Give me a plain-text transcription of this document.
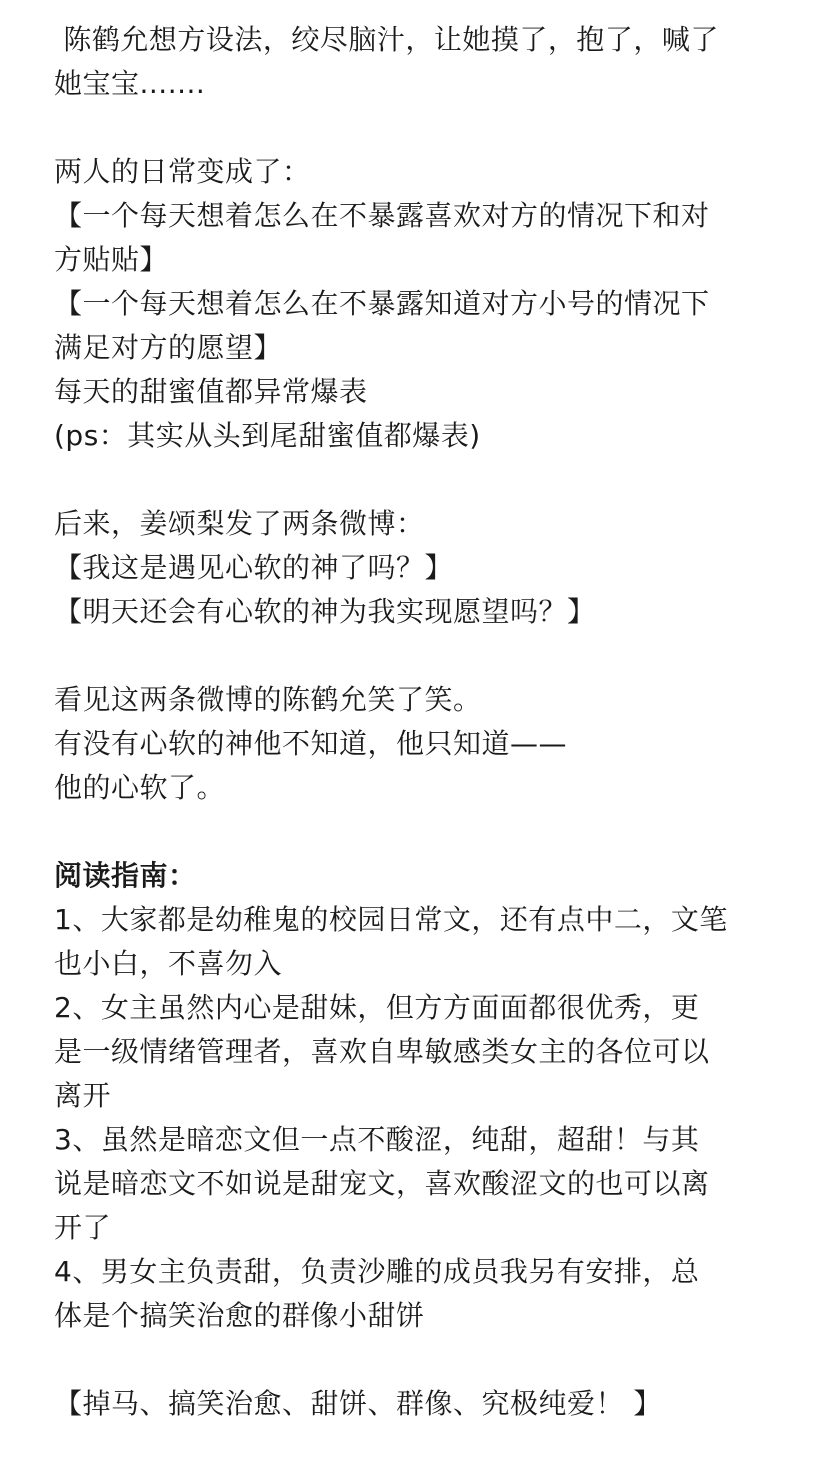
陈鹤允想方设法，绞尽脑汁，让她摸了，抱了，喊了
她宝宝.......
两人的日常变成了：
【一个每天想着怎么在不暴露喜欢对方的情况下和对
方贴贴】
【一个每天想着怎么在不暴露知道对方小号的情况下
满足对方的愿望】
每天的甜蜜值都异常爆表
(ps：其实从头到尾甜蜜值都爆表)
后来，姜颂梨发了两条微博：
【我这是遇见心软的神了吗？】
【明天还会有心软的神为我实现愿望吗？】
看见这两条微博的陈鹤允笑了笑。
有没有心软的神他不知道，他只知道——
他的心软了。
阅读指南：
1、大家都是幼稚鬼的校园日常文，还有点中二，文笔
也小白，不喜勿入
2、女主虽然内心是甜妹，但方方面面都很优秀，更
是一级情绪管理者，喜欢自卑敏感类女主的各位可以
离开
3、虽然是暗恋文但一点不酸涩，纯甜，超甜！与其
说是暗恋文不如说是甜宠文，喜欢酸涩文的也可以离
开了
4、男女主负责甜，负责沙雕的成员我另有安排，总
体是个搞笑治愈的群像小甜饼
【掉马、搞笑治愈、甜饼、群像、究极纯爱！ 】
